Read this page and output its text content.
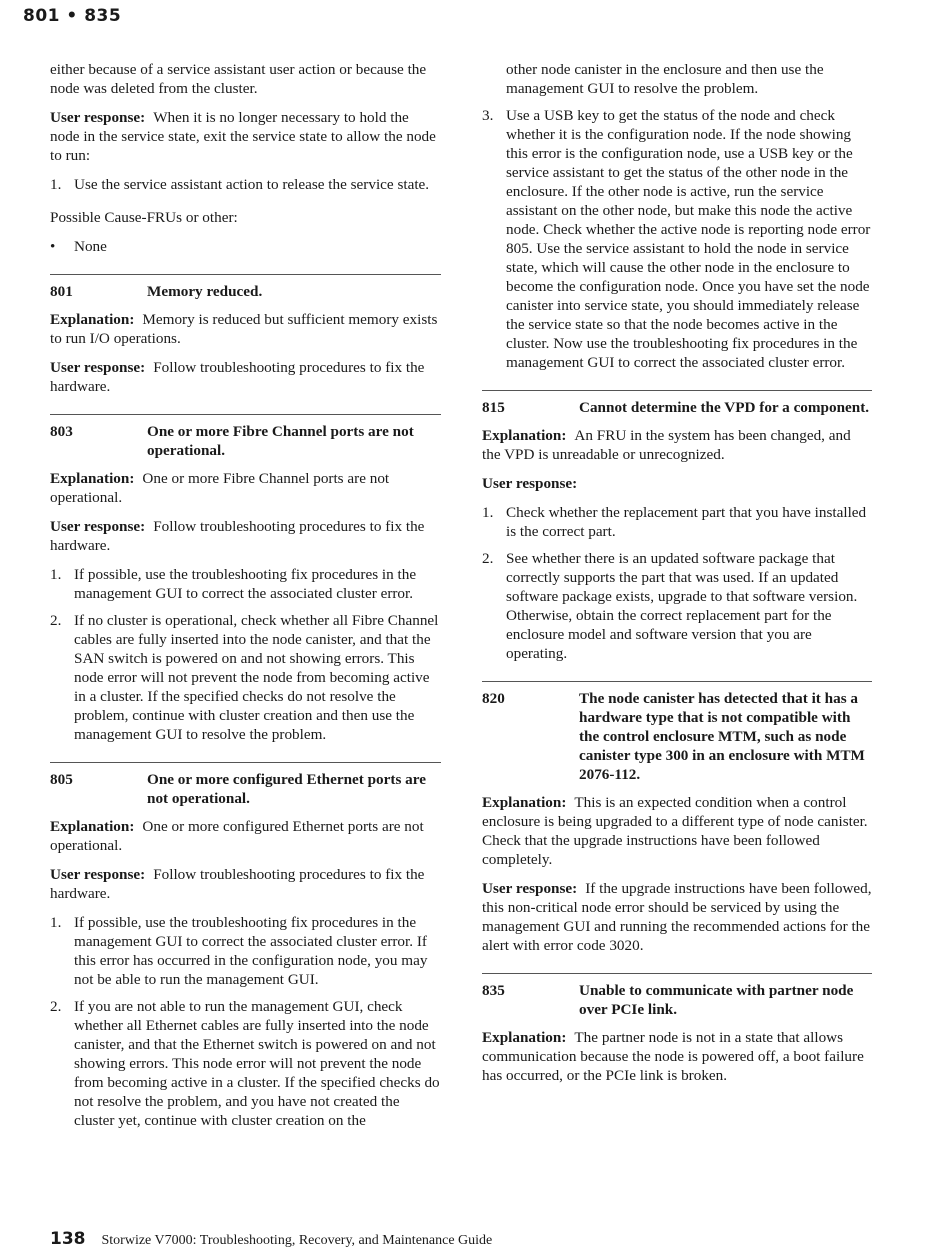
801 • 835

either because of a service assistant user action or because the node was deleted from the cluster.

User response: When it is no longer necessary to hold the node in the service state, exit the service state to allow the node to run:

1. Use the service assistant action to release the service state.

Possible Cause-FRUs or other:

• None
801	Memory reduced.

Explanation: Memory is reduced but sufficient memory exists to run I/O operations.

User response: Follow troubleshooting procedures to fix the hardware.

803	One or more Fibre Channel ports are not operational.

Explanation: One or more Fibre Channel ports are not operational.

User response: Follow troubleshooting procedures to fix the hardware.

1. If possible, use the troubleshooting fix procedures in the management GUI to correct the associated cluster error.
2. If no cluster is operational, check whether all Fibre Channel cables are fully inserted into the node canister, and that the SAN switch is powered on and not showing errors. This node error will not prevent the node from becoming active in a cluster. If the specified checks do not resolve the problem, continue with cluster creation and then use the management GUI to resolve the problem.
805	One or more configured Ethernet ports are not operational.

Explanation: One or more configured Ethernet ports are not operational.

User response: Follow troubleshooting procedures to fix the hardware.

1. If possible, use the troubleshooting fix procedures in the management GUI to correct the associated cluster error. If this error has occurred in the configuration node, you may not be able to run the management GUI.
2. If you are not able to run the management GUI, check whether all Ethernet cables are fully inserted into the node canister, and that the Ethernet switch is powered on and not showing errors. This node error will not prevent the node from becoming active in a cluster. If the specified checks do not resolve the problem, and you have not created the cluster yet, continue with cluster creation on the

other node canister in the enclosure and then use the management GUI to resolve the problem.

3. Use a USB key to get the status of the node and check whether it is the configuration node. If the node showing this error is the configuration node, use a USB key or the service assistant to get the status of the other node in the enclosure. If the other node is active, run the service assistant on the other node, but make this node the active node. Check whether the active node is reporting node error 805. Use the service assistant to hold the node in service state, which will cause the other node in the enclosure to become the configuration node. Once you have set the node canister into service state, you should immediately release the service state so that the node becomes active in the cluster. Now use the troubleshooting fix procedures in the management GUI to correct the associated cluster error.
815	Cannot determine the VPD for a component.

Explanation: An FRU in the system has been changed, and the VPD is unreadable or unrecognized.

User response:

1. Check whether the replacement part that you have installed is the correct part.
2. See whether there is an updated software package that correctly supports the part that was used. If an updated software package exists, upgrade to that software version. Otherwise, obtain the correct replacement part for the enclosure model and software version that you are operating.
820	The node canister has detected that it has a hardware type that is not compatible with the control enclosure MTM, such as node canister type 300 in an enclosure with MTM 2076-112.

Explanation: This is an expected condition when a control enclosure is being upgraded to a different type of node canister. Check that the upgrade instructions have been followed completely.

User response: If the upgrade instructions have been followed, this non-critical node error should be serviced by using the management GUI and running the recommended actions for the alert with error code 3020.

835	Unable to communicate with partner node over PCIe link.

Explanation: The partner node is not in a state that allows communication because the node is powered off, a boot failure has occurred, or the PCIe link is broken.

138 Storwize V7000: Troubleshooting, Recovery, and Maintenance Guide
